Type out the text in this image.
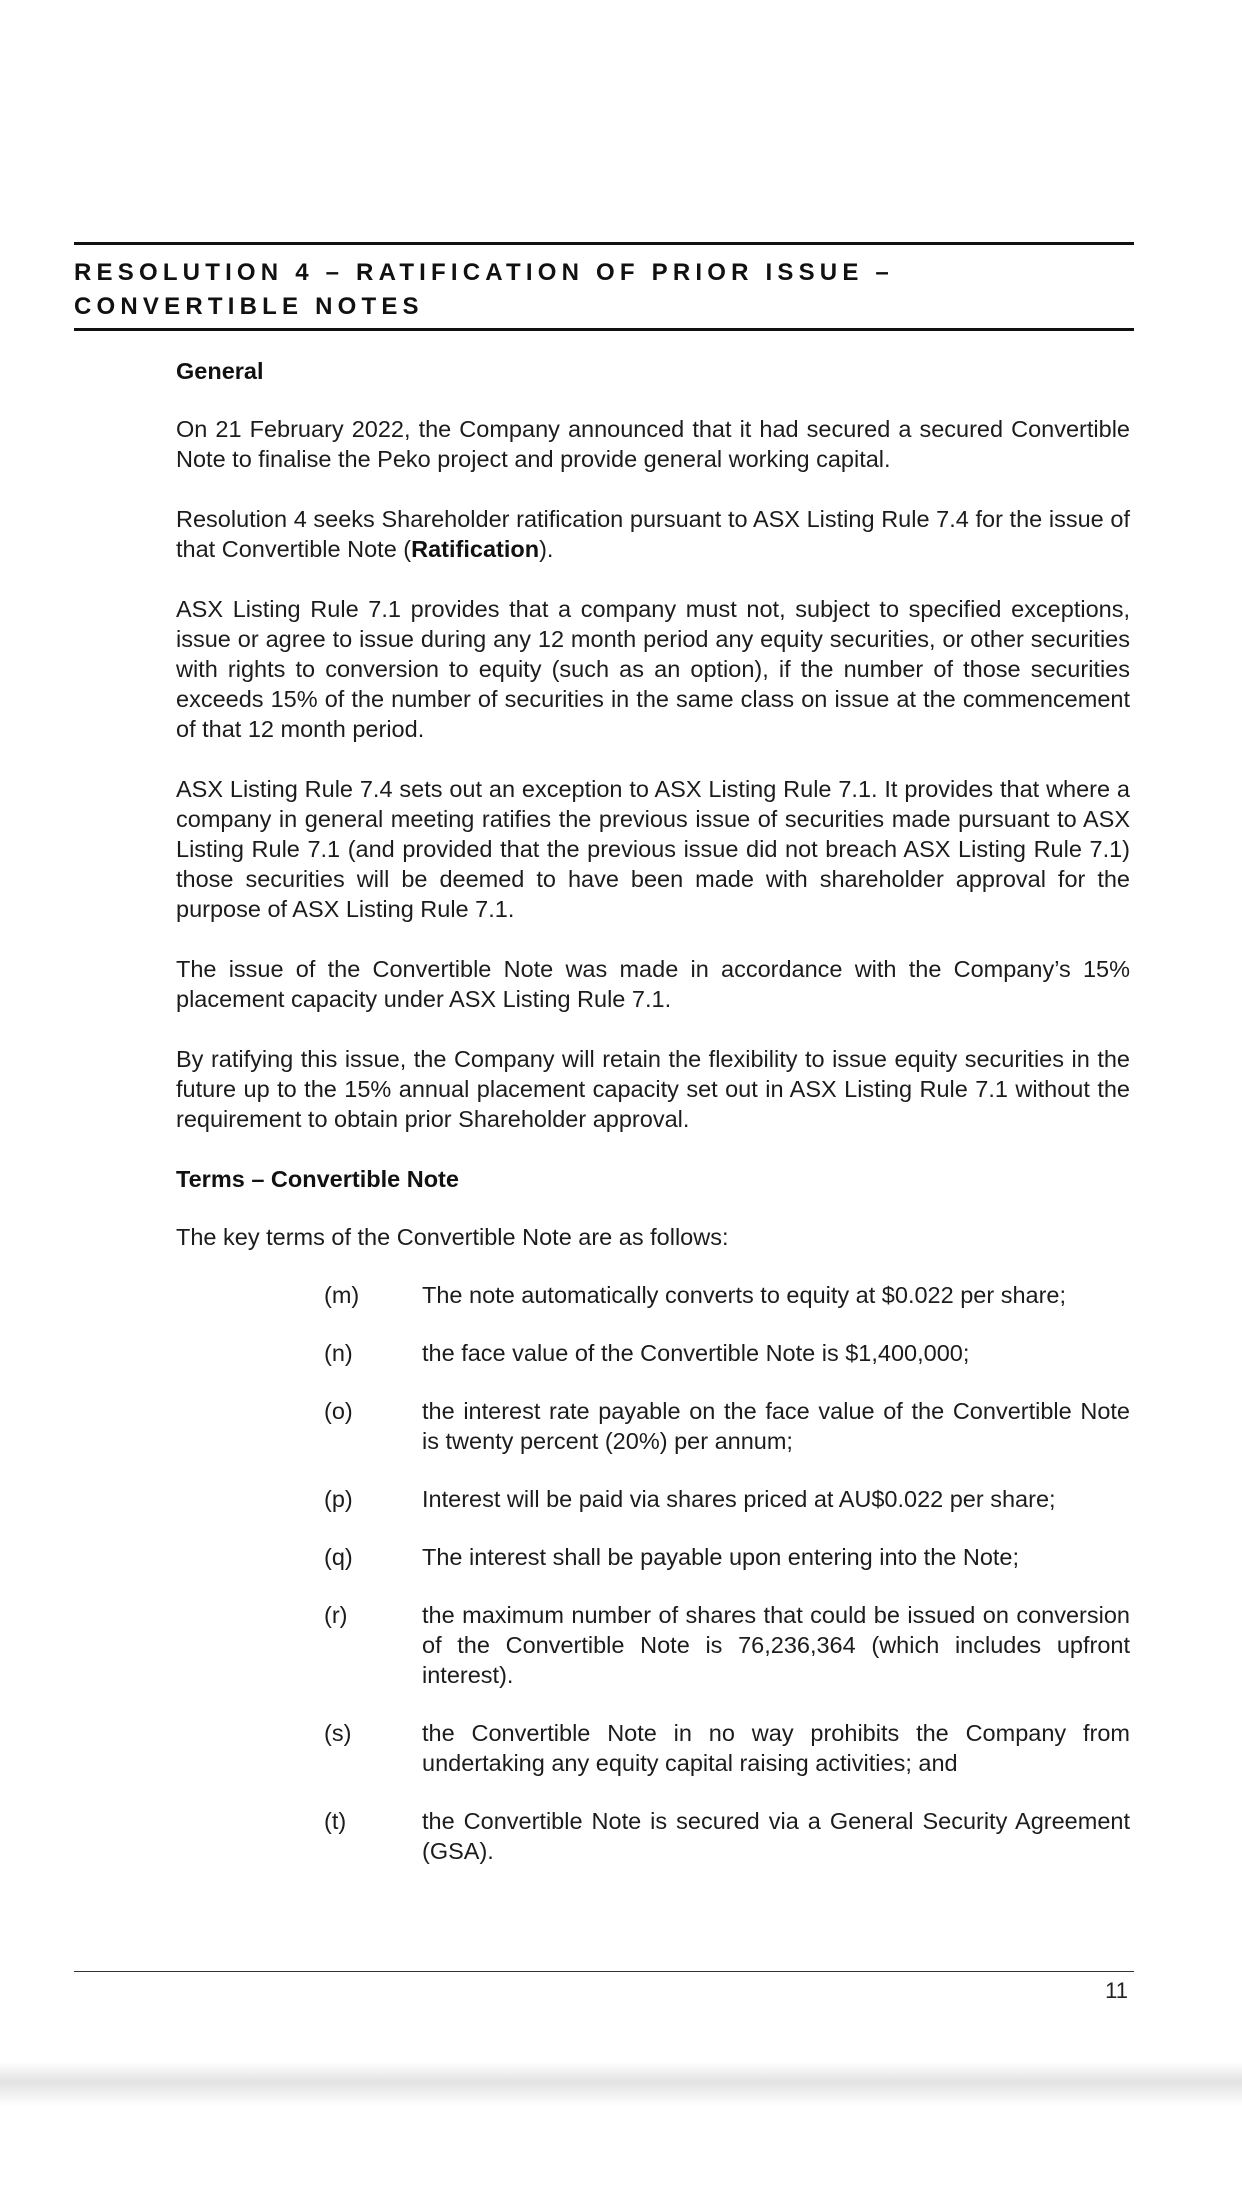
RESOLUTION 4 – RATIFICATION OF PRIOR ISSUE – CONVERTIBLE NOTES
General

On 21 February 2022, the Company announced that it had secured a secured Convertible Note to finalise the Peko project and provide general working capital.

Resolution 4 seeks Shareholder ratification pursuant to ASX Listing Rule 7.4 for the issue of that Convertible Note (Ratification).

ASX Listing Rule 7.1 provides that a company must not, subject to specified exceptions, issue or agree to issue during any 12 month period any equity securities, or other securities with rights to conversion to equity (such as an option), if the number of those securities exceeds 15% of the number of securities in the same class on issue at the commencement of that 12 month period.

ASX Listing Rule 7.4 sets out an exception to ASX Listing Rule 7.1. It provides that where a company in general meeting ratifies the previous issue of securities made pursuant to ASX Listing Rule 7.1 (and provided that the previous issue did not breach ASX Listing Rule 7.1) those securities will be deemed to have been made with shareholder approval for the purpose of ASX Listing Rule 7.1.

The issue of the Convertible Note was made in accordance with the Company’s 15% placement capacity under ASX Listing Rule 7.1.

By ratifying this issue, the Company will retain the flexibility to issue equity securities in the future up to the 15% annual placement capacity set out in ASX Listing Rule 7.1 without the requirement to obtain prior Shareholder approval.

Terms – Convertible Note

The key terms of the Convertible Note are as follows:

(m)	The note automatically converts to equity at $0.022 per share;
(n)	the face value of the Convertible Note is $1,400,000;
(o)	the interest rate payable on the face value of the Convertible Note is twenty percent (20%) per annum;
(p)	Interest will be paid via shares priced at AU$0.022 per share;
(q)	The interest shall be payable upon entering into the Note;
(r)	the maximum number of shares that could be issued on conversion of the Convertible Note is 76,236,364 (which includes upfront interest).
(s)	the Convertible Note in no way prohibits the Company from undertaking any equity capital raising activities; and
(t)	the Convertible Note is secured via a General Security Agreement (GSA).
11
